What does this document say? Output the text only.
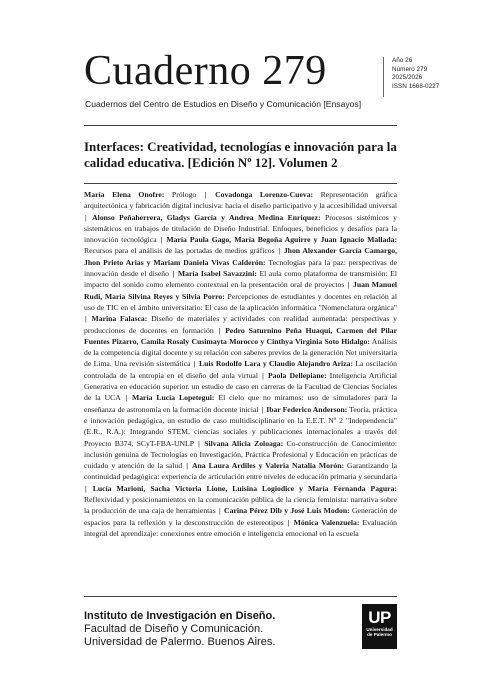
Cuaderno 279
Cuadernos del Centro de Estudios en Diseño y Comunicación [Ensayos]
Año 26
Número 279
2025/2026
ISSN 1668-0227
Interfaces: Creatividad, tecnologías e innovación para la calidad educativa. [Edición Nº 12]. Volumen 2

María Elena Onofre: Prólogo | Covadonga Lorenzo-Cueva: Representación gráfica arquitectónica y fabricación digital inclusiva: hacia el diseño participativo y la accesibilidad universal | Alonso Peñaherrera, Gladys García y Andrea Medina Enríquez: Procesos sistémicos y sistemáticos en trabajos de titulación de Diseño Industrial. Enfoques, beneficios y desafíos para la innovación tecnológica | María Paula Gago, María Begoña Aguirre y Juan Ignacio Mallada: Recursos para el análisis de las portadas de medios gráficos | Jhon Alexander García Camargo, Jhon Prieto Arias y Mariam Daniela Vivas Calderón: Tecnologías para la paz: perspectivas de innovación desde el diseño | María Isabel Savazzini: El aula como plataforma de transmisión: El impacto del sonido como elemento contextual en la presentación oral de proyectos | Juan Manuel Rudi, María Silvina Reyes y Silvia Porro: Percepciones de estudiantes y docentes en relación al uso de TIC en el ámbito universitario: El caso de la aplicación informática "Nomenclatura orgánica" | Marina Falasca: Diseño de materiales y actividades con realidad aumentada: perspectivas y producciones de docentes en formación | Pedro Saturnino Peña Huaqui, Carmen del Pilar Fuentes Pizarro, Camila Rosaly Cusimayta Morocco y Cinthya Virginia Soto Hidalgo: Análisis de la competencia digital docente y su relación con saberes previos de la generación Net universitaria de Lima. Una revisión sistemática | Luis Rodolfo Lara y Claudio Alejandro Ariza: La oscilación controlada de la entropía en el diseño del aula virtual | Paola Dellepiane: Inteligencia Artificial Generativa en educación superior. un estudio de caso en carreras de la Facultad de Ciencias Sociales de la UCA | María Lucía Lopetegui: El cielo que no miramos: uso de simuladores para la enseñanza de astronomía en la formación docente inicial | Ibar Federico Anderson: Teoría, práctica e innovación pedagógica, un estudio de caso multidisciplinario en la E.E.T. Nº 2 "Independencia" (E.R., R.A.): Integrando STEM, ciencias sociales y publicaciones internacionales a través del Proyecto B374, SCyT-FBA-UNLP | Silvana Alicia Zoloaga: Co-construcción de Conocimiento: inclusión genuina de Tecnologías en Investigación, Práctica Profesional y Educación en prácticas de cuidado y atención de la salud | Ana Laura Ardiles y Valeria Natalia Morón: Garantizando la continuidad pedagógica: experiencia de articulación entre niveles de educación primaria y secundaria | Lucía Marioni, Sacha Victoria Lione, Luisina Logiodice y María Fernanda Pagura: Reflexividad y posicionamientos en la comunicación pública de la ciencia feminista: narrativa sobre la producción de una caja de herramientas | Carina Pérez Dib y José Luis Modon: Generación de espacios para la reflexión y la desconstrucción de estereotipos | Mónica Valenzuela: Evaluación integral del aprendizaje: conexiones entre emoción e inteligencia emocional en la escuela

Instituto de Investigación en Diseño.
Facultad de Diseño y Comunicación.
Universidad de Palermo. Buenos Aires.
UP
Universidad
de Palermo
